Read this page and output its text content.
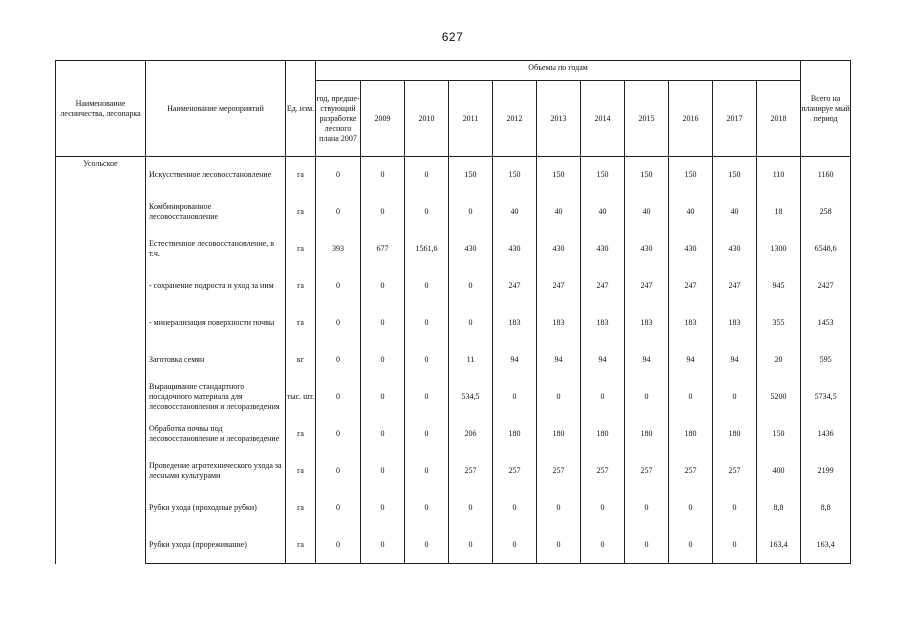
627
Наименование лесничества, лесопарка	Наименование мероприятий	Ед. изм.	Объемы по годам											Всего на планируе мый период
			год, предше-ствующий разработке лесного плана 2007	2009	2010	2011	2012	2013	2014	2015	2016	2017	2018	
Усольское	Искусственное лесовосстановление	га	0	0	0	150	150	150	150	150	150	150	110	1160
	Комбинированное лесовосстановление	га	0	0	0	0	40	40	40	40	40	40	18	258
	Естественное лесовосстановление, в т.ч.	га	393	677	1561,6	430	430	430	430	430	430	430	1300	6548,6
	- сохранение подроста и уход за ним	га	0	0	0	0	247	247	247	247	247	247	945	2427
	- минерализация поверхности почвы	га	0	0	0	0	183	183	183	183	183	183	355	1453
	Заготовка семян	кг	0	0	0	11	94	94	94	94	94	94	20	595
	Выращивание стандартного посадочного материала для лесовосстановления и лесоразведения	тыс. шт.	0	0	0	534,5	0	0	0	0	0	0	5200	5734,5
	Обработка почвы под лесовосстановление и лесоразведение	га	0	0	0	206	180	180	180	180	180	180	150	1436
	Проведение агротехнического ухода за лесными культурами	га	0	0	0	257	257	257	257	257	257	257	400	2199
	Рубки ухода (проходные рубки)	га	0	0	0	0	0	0	0	0	0	0	8,8	8,8
	Рубки ухода (прореживание)	га	0	0	0	0	0	0	0	0	0	0	163,4	163,4
